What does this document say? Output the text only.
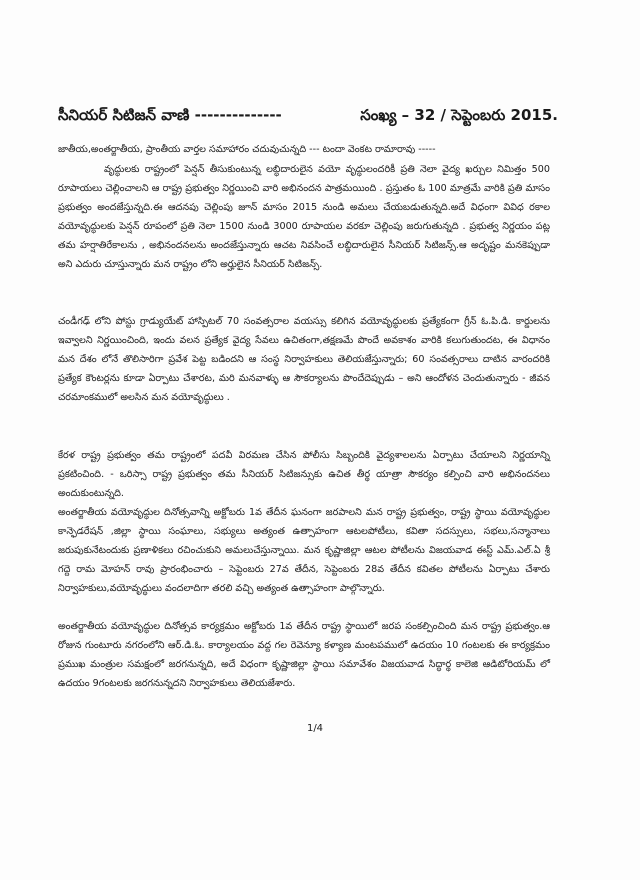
సీనియర్ సిటిజన్ వాణి --------------	సంఖ్య – 32 / సెప్టెంబరు 2015.

జాతీయ,అంతర్జాతీయ, ప్రాంతీయ వార్తల సమాహారం చదువుచున్నది --- టందా వెంకట రామారావు -----

వృద్ధులకు రాష్ట్రంలో పెన్షన్ తీసుకుంటున్న లబ్ధిదారులైన వయో వృద్ధులందరికీ ప్రతి నెలా వైద్య ఖర్చుల నిమిత్తం 500 రూపాయలు చెల్లించాలని ఆ రాష్ట్ర ప్రభుత్వం నిర్ణయించి వారి అభినందన పాత్రమయింది . ప్రస్తుతం ఓ 100 మాత్రమే వారికి ప్రతి మాసం ప్రభుత్వం అందజేస్తున్నది.ఈ ఆదనపు చెల్లింపు జూన్ మాసం 2015 నుండి అమలు చేయబడుతున్నది.అదే విధంగా వివిధ రకాల వయోవృద్ధులకు పెన్షన్ రూపంలో ప్రతి నెలా 1500 నుండి 3000 రూపాయల వరకూ చెల్లింపు జరుగుతున్నది . ప్రభుత్వ నిర్ణయం పట్ల తమ హర్షాతిరేకాలను , అభినందనలను అందజేస్తున్నారు ఆచట నివసించే లబ్ధిదారులైన సీనియర్ సిటిజన్స్.ఆ అదృష్టం మనకెప్పుడా అని ఎదురు చూస్తున్నారు మన రాష్ట్రం లోని అర్హులైన సీనియర్ సిటిజన్స్.

చండీగఢ్ లోని పోస్టు గ్రాడ్యుయేట్ హాస్పిటల్ 70 సంవత్సరాల వయస్సు కలిగిన వయోవృద్ధులకు ప్రత్యేకంగా గ్రీన్ ఓ.పి.డి. కార్డులను ఇవ్వాలని నిర్ణయించింది, ఇందు వలన ప్రత్యేక వైద్య సేవలు ఉచితంగా,తక్షణమే పొందే అవకాశం వారికి కలుగుతుందట, ఈ విధానం మన దేశం లోనే తొలిసారిగా ప్రవేశ పెట్ట బడిందని ఆ సంస్థ నిర్వాహకులు తెలియజేస్తున్నారు; 60 సంవత్సరాలు దాటిన వారందరికి ప్రత్యేక కౌంటర్లను కూడా ఏర్పాటు చేశారట, మరి మనవాళ్ళు ఆ సౌకర్యాలను పొందేదెప్పుడు – అని ఆందోళన చెందుతున్నారు - జీవన చరమాంకములో అలసిన మన వయోవృద్ధులు .

కేరళ రాష్ట్ర ప్రభుత్వం తమ రాష్ట్రంలో పదవీ విరమణ చేసిన పోలీసు సిబ్బందికి వైద్యశాలలను ఏర్పాటు చేయాలని నిర్ణయాన్ని ప్రకటించింది. - ఒరిస్సా రాష్ట్ర ప్రభుత్వం తమ సీనియర్ సిటిజన్సుకు ఉచిత తీర్థ యాత్రా సౌకర్యం కల్పించి వారి అభినందనలు అందుకుంటున్నది.

అంతర్జాతీయ వయోవృద్ధుల దినోత్సవాన్ని అక్టోబరు 1వ తేదీన ఘనంగా జరపాలని మన రాష్ట్ర ప్రభుత్వం, రాష్ట్ర స్థాయి వయోవృద్ధుల కాన్ఫెడరేషన్ ,జిల్లా స్థాయి సంఘాలు, సభ్యులు అత్యంత ఉత్సాహంగా ఆటలపోటీలు, కవితా సదస్సులు, సభలు,సన్మానాలు జరుపుకునేటందుకు ప్రణాళికలు రచించుకుని అమలుచేస్తున్నాయి. మన కృష్ణాజిల్లా ఆటల పోటీలను విజయవాడ ఈస్ట్ ఎమ్.ఎల్.ఏ శ్రీ గద్దె రామ మోహన్ రావు ప్రారంభించారు – సెప్టెంబరు 27వ తేదీన, సెప్టెంబరు 28వ తేదీన కవితల పోటీలను ఏర్పాటు చేశారు నిర్వాహకులు,వయోవృద్ధులు వందలాదిగా తరలి వచ్చి అత్యంత ఉత్సాహంగా పాల్గొన్నారు.

అంతర్జాతీయ వయోవృద్ధుల దినోత్సవ కార్యక్రమం అక్టోబరు 1వ తేదీన రాష్ట్ర స్థాయిలో జరప సంకల్పించింది మన రాష్ట్ర ప్రభుత్వం.ఆ రోజున గుంటూరు నగరంలోని ఆర్.డి.ఓ. కార్యాలయం వద్ద గల రెవెన్యూ కళ్యాణ మంటపములో ఉదయం 10 గంటలకు ఈ కార్యక్రమం ప్రముఖ మంత్రుల సమక్షంలో జరగనున్నది, అదే విధంగా కృష్ణాజిల్లా స్థాయి సమావేశం విజయవాడ సిద్ధార్థ కాలెజి ఆడిటోరియమ్ లో ఉదయం 9గంటలకు జరగనున్నదని నిర్వాహకులు తెలియజేశారు.

1/4
